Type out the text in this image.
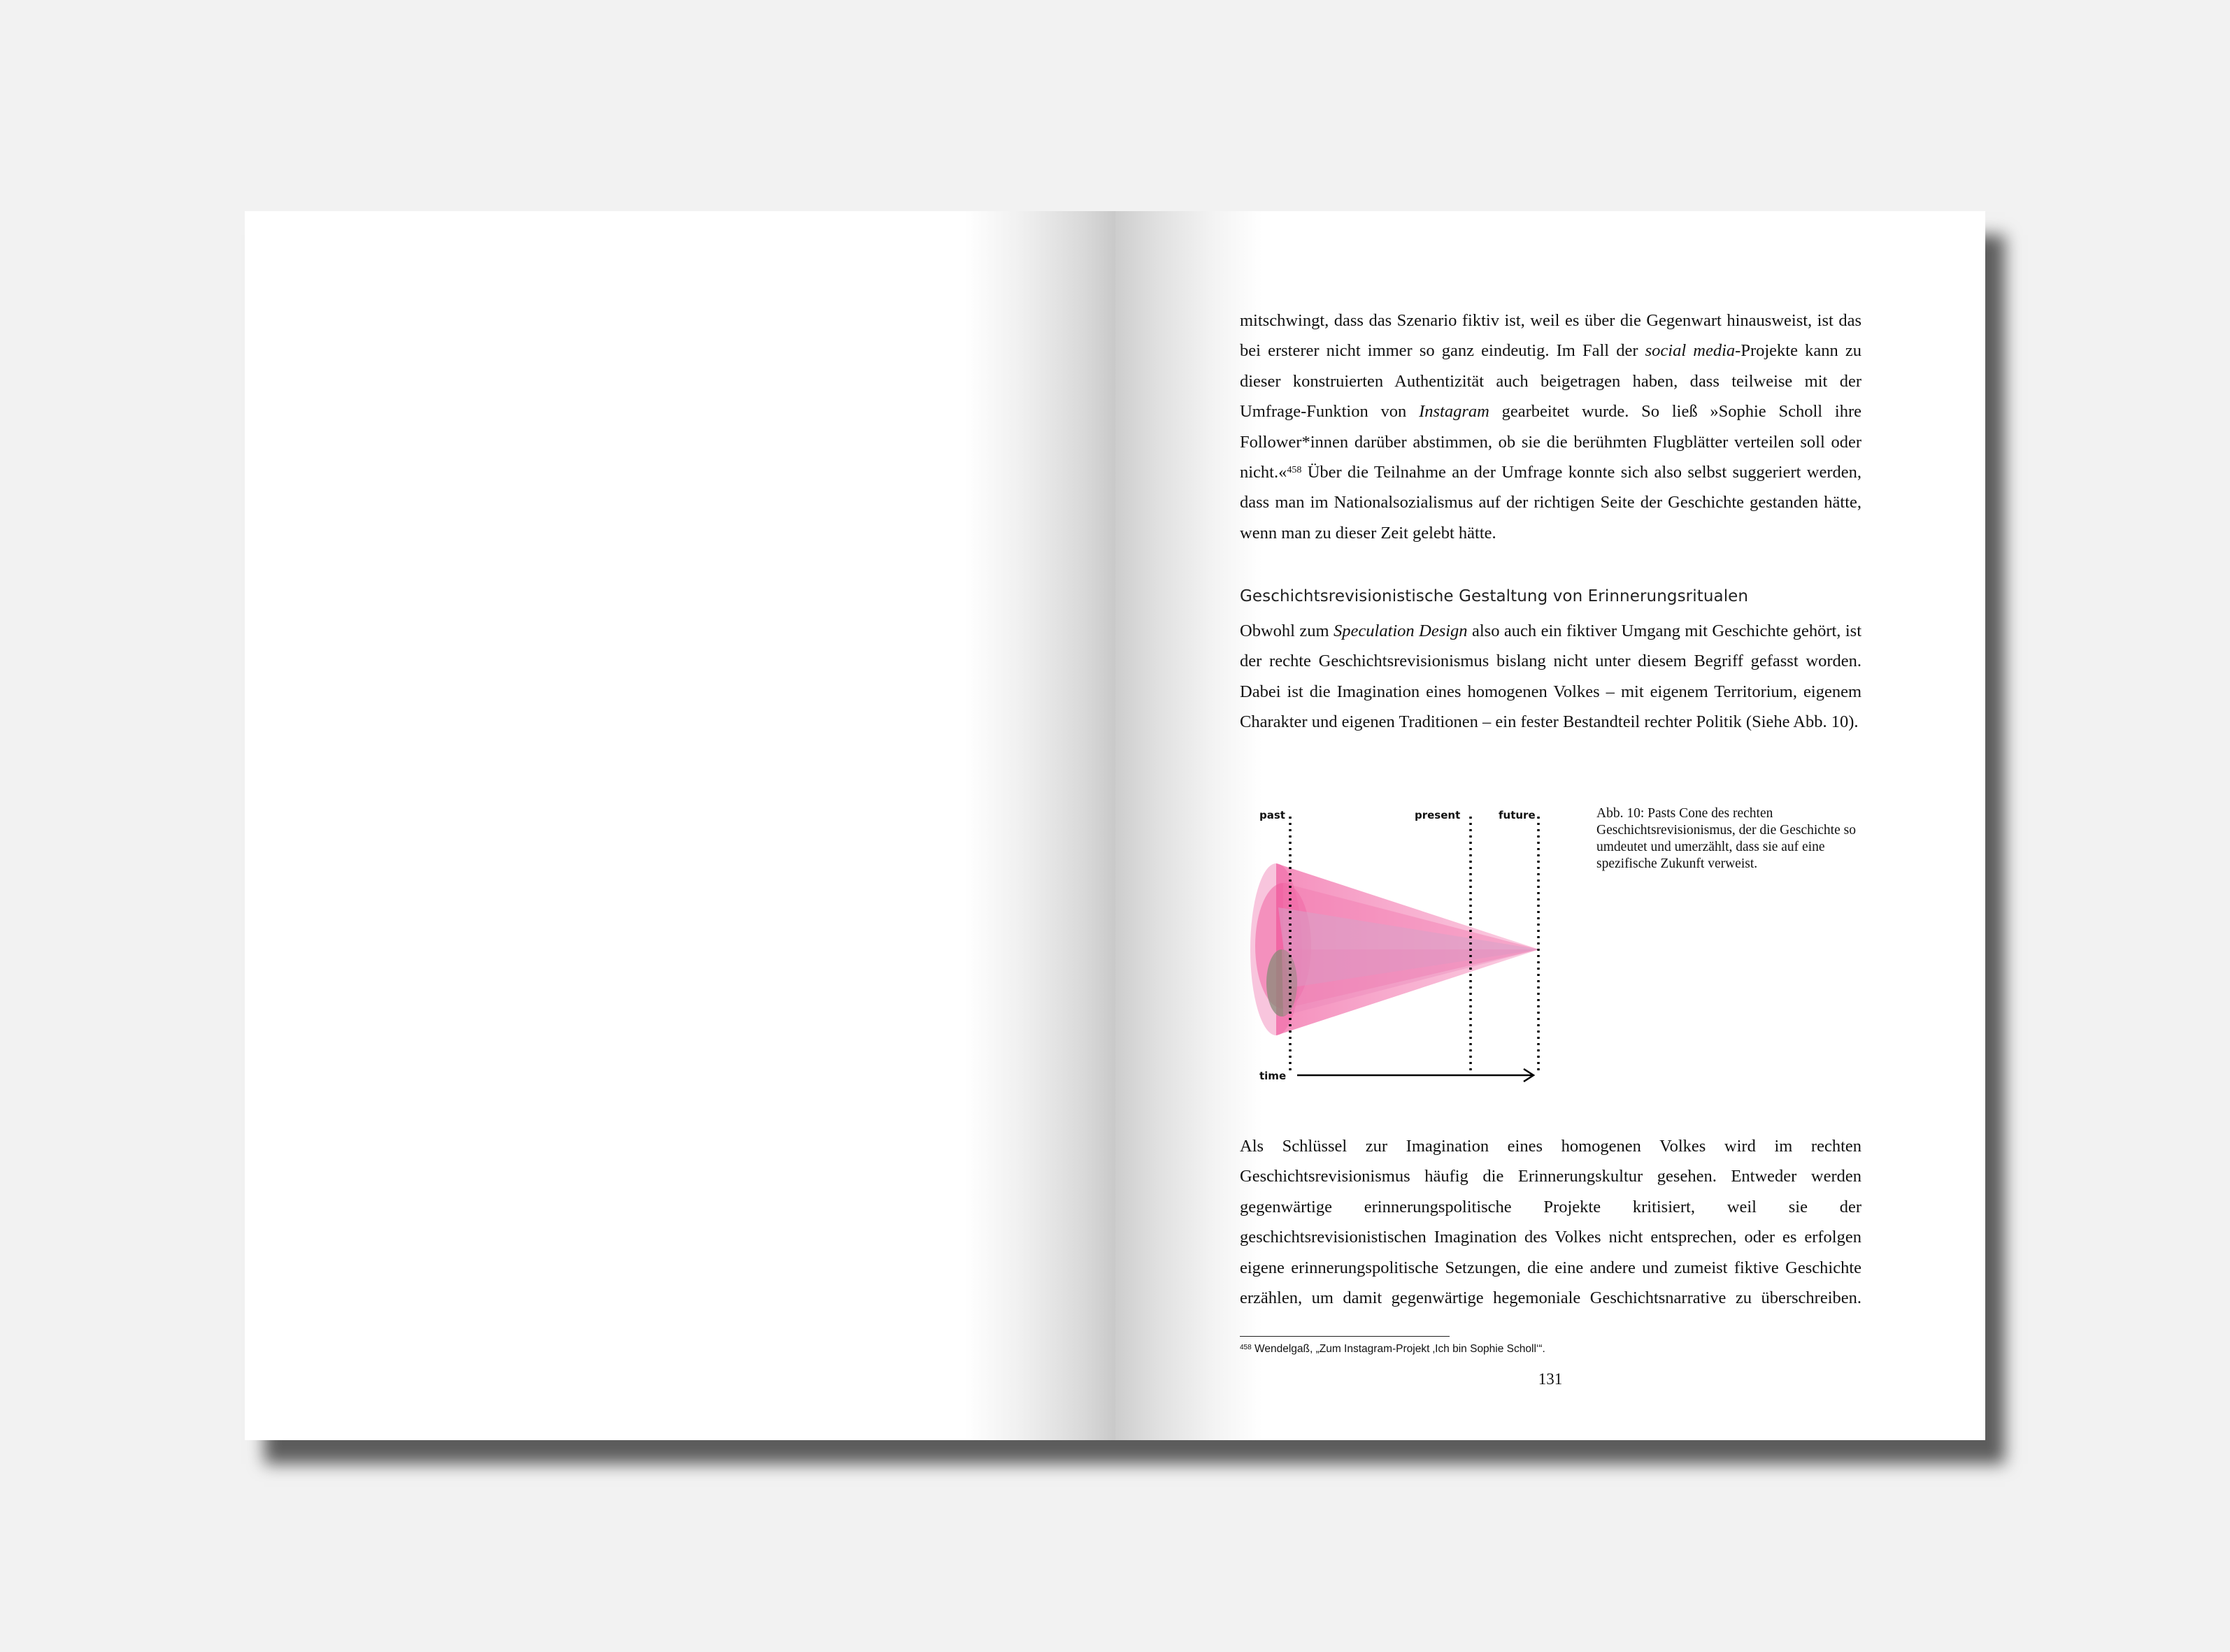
mitschwingt, dass das Szenario fiktiv ist, weil es über die Gegenwart hinausweist, ist das bei ersterer nicht immer so ganz eindeutig. Im Fall der social media-Projekte kann zu dieser konstruierten Authentizität auch beigetragen haben, dass teilweise mit der Umfrage-Funktion von Instagram gearbeitet wurde. So ließ »Sophie Scholl ihre Follower*innen darüber abstimmen, ob sie die berühmten Flugblätter verteilen soll oder nicht.«$^{458}$ Über die Teilnahme an der Umfrage konnte sich also selbst suggeriert werden, dass man im Nationalsozialismus auf der richtigen Seite der Geschichte gestanden hätte, wenn man zu dieser Zeit gelebt hätte.

Geschichtsrevisionistische Gestaltung von Erinnerungsritualen

Obwohl zum Speculation Design also auch ein fiktiver Umgang mit Geschichte gehört, ist der rechte Geschichtsrevisionismus bislang nicht unter diesem Begriff gefasst worden. Dabei ist die Imagination eines homogenen Volkes – mit eigenem Territorium, eigenem Charakter und eigenen Traditionen – ein fester Bestandteil rechter Politik (Siehe Abb. 10).

past	present	future
time

Abb. 10: Pasts Cone des rechten Geschichtsrevisionismus, der die Geschichte so umdeutet und umerzählt, dass sie auf eine spezifische Zukunft verweist.

Als Schlüssel zur Imagination eines homogenen Volkes wird im rechten Geschichtsrevisionismus häufig die Erinnerungskultur gesehen. Entweder werden gegenwärtige erinnerungspolitische Projekte kritisiert, weil sie der geschichtsrevisionistischen Imagination des Volkes nicht entsprechen, oder es erfolgen eigene erinnerungspolitische Setzungen, die eine andere und zumeist fiktive Geschichte erzählen, um damit gegenwärtige hegemoniale Geschichtsnarrative zu überschreiben.

$^{458}$ Wendelgaß, „Zum Instagram-Projekt ‚Ich bin Sophie Scholl‘“.

131
